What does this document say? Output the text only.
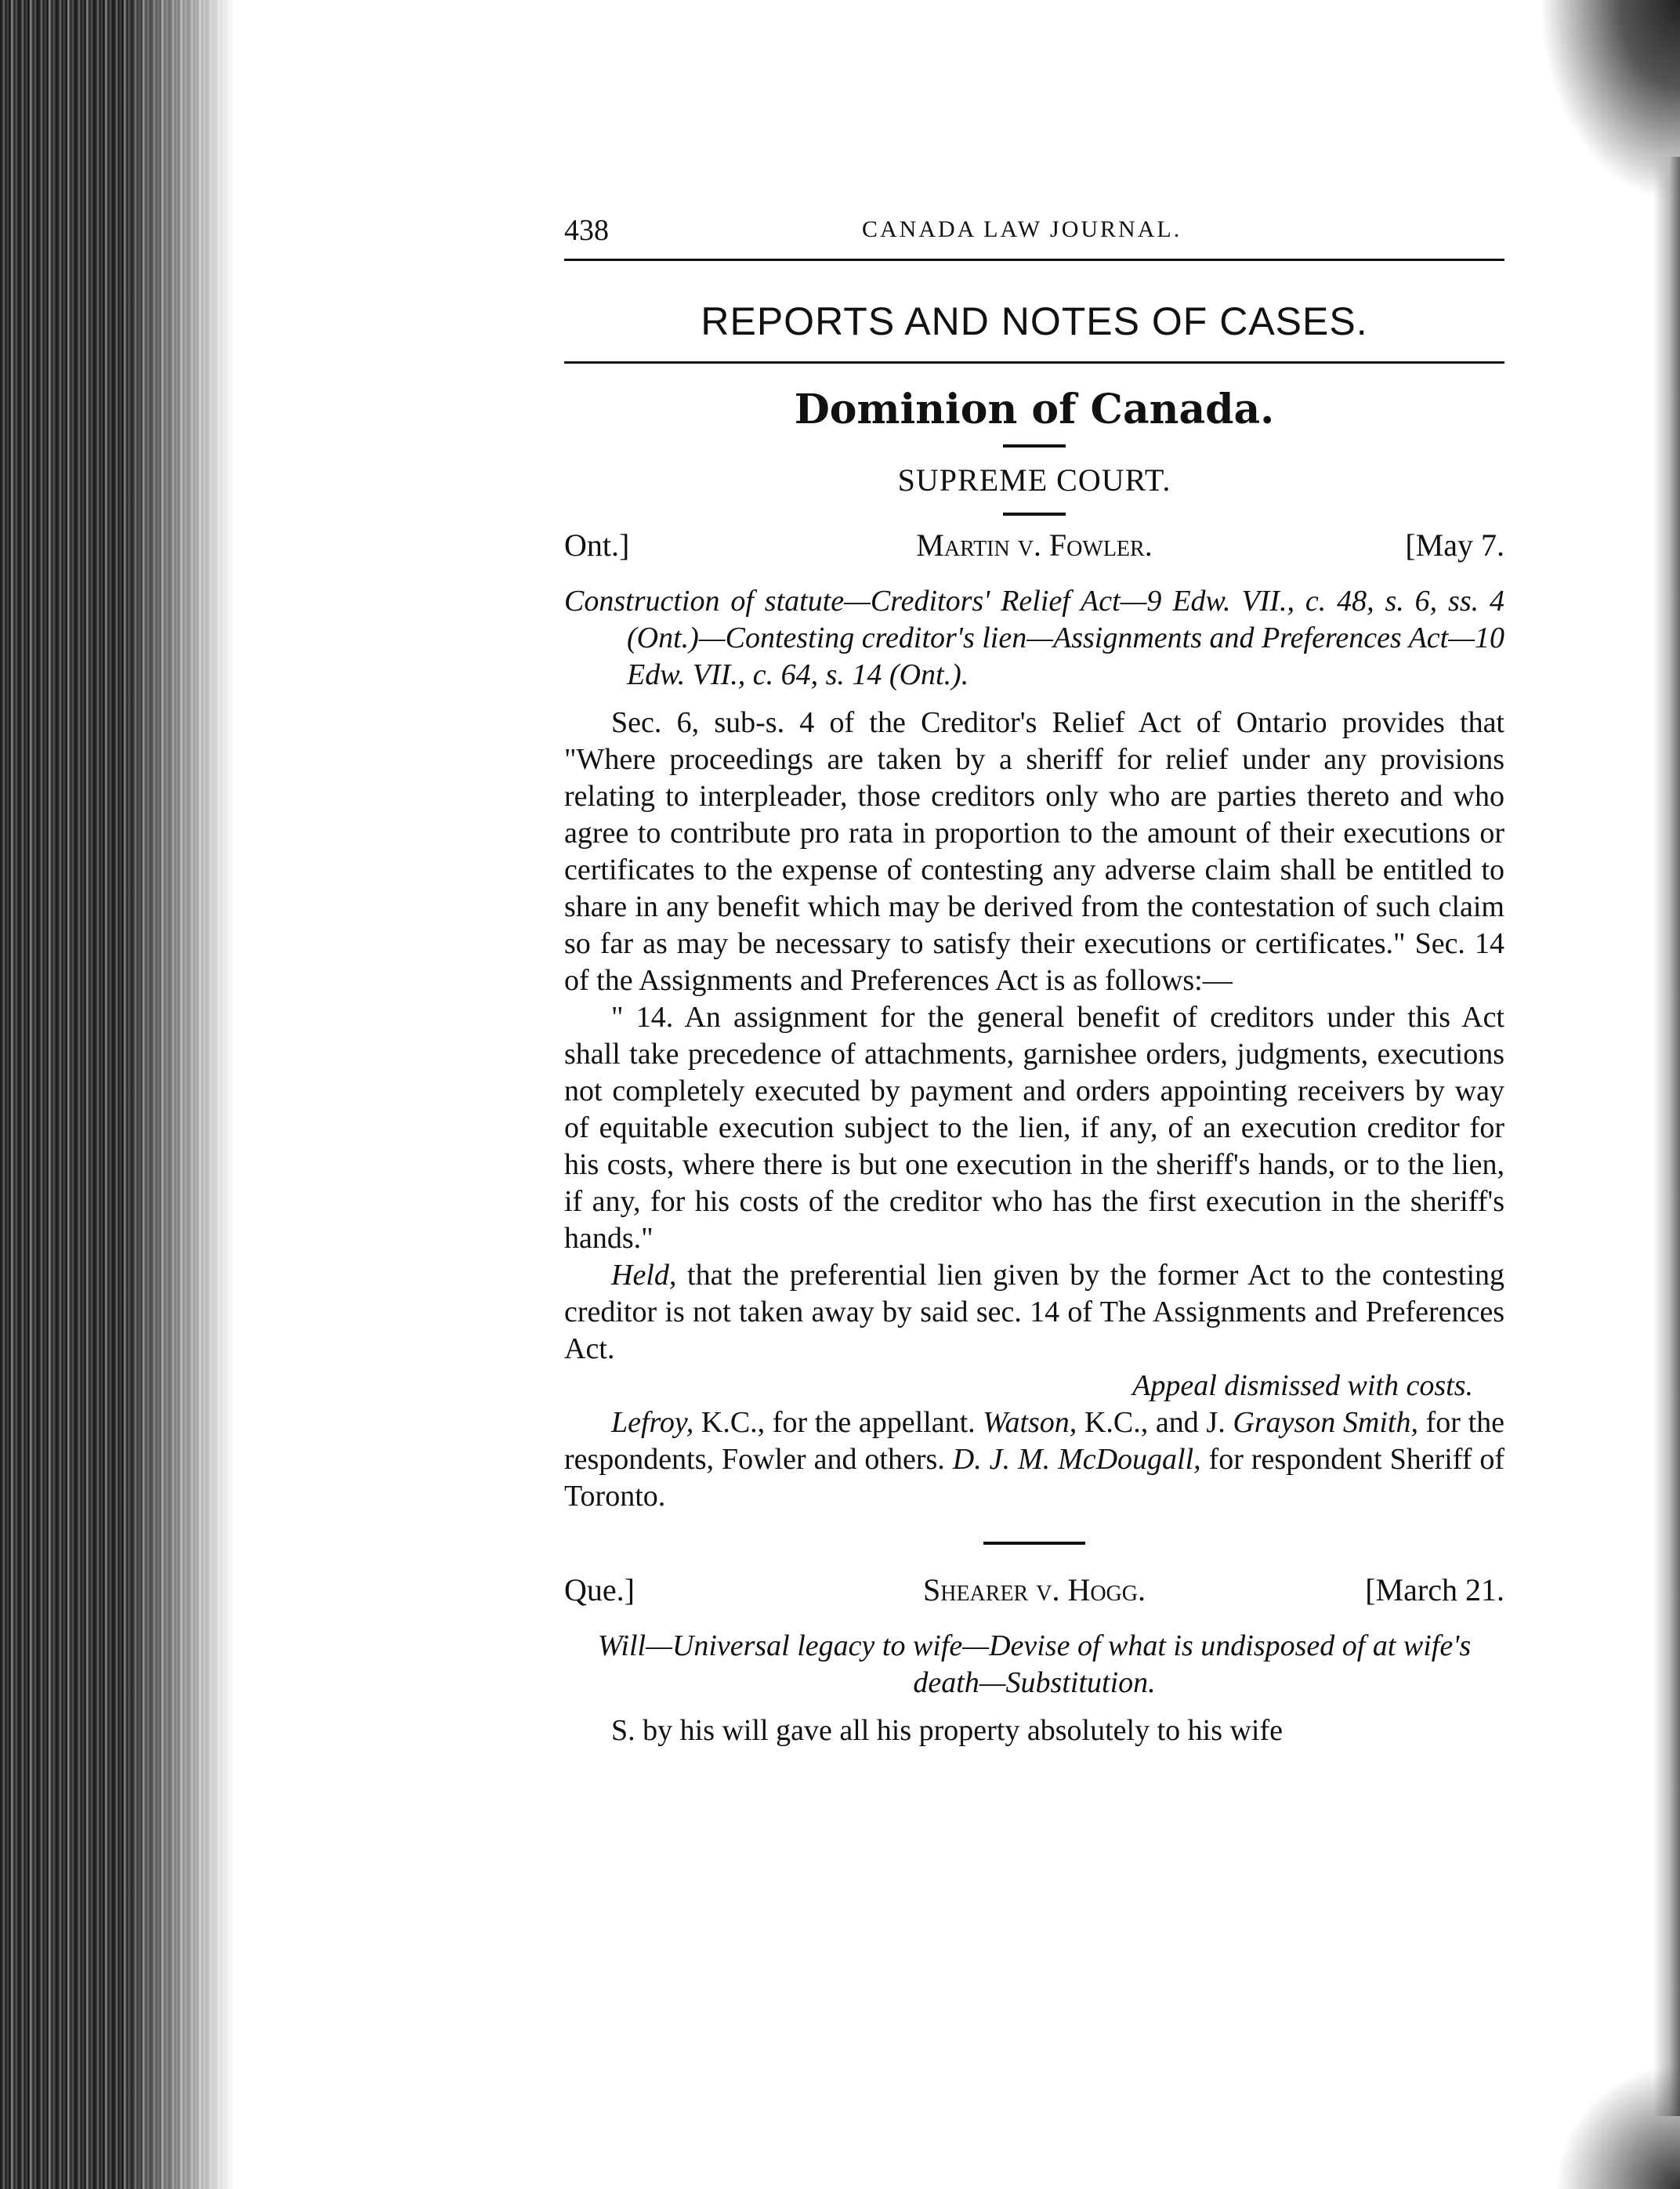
438	CANADA LAW JOURNAL.
REPORTS AND NOTES OF CASES.
Dominion of Canada.
SUPREME COURT.
Ont.]	Martin v. Fowler.	[May 7.

Construction of statute—Creditors' Relief Act—9 Edw. VII., c. 48, s. 6, ss. 4 (Ont.)—Contesting creditor's lien—Assignments and Preferences Act—10 Edw. VII., c. 64, s. 14 (Ont.).

Sec. 6, sub-s. 4 of the Creditor's Relief Act of Ontario provides that "Where proceedings are taken by a sheriff for relief under any provisions relating to interpleader, those creditors only who are parties thereto and who agree to contribute pro rata in proportion to the amount of their executions or certificates to the expense of contesting any adverse claim shall be entitled to share in any benefit which may be derived from the contestation of such claim so far as may be necessary to satisfy their executions or certificates." Sec. 14 of the Assignments and Preferences Act is as follows:—

" 14. An assignment for the general benefit of creditors under this Act shall take precedence of attachments, garnishee orders, judgments, executions not completely executed by payment and orders appointing receivers by way of equitable execution subject to the lien, if any, of an execution creditor for his costs, where there is but one execution in the sheriff's hands, or to the lien, if any, for his costs of the creditor who has the first execution in the sheriff's hands."

Held, that the preferential lien given by the former Act to the contesting creditor is not taken away by said sec. 14 of The Assignments and Preferences Act.

Appeal dismissed with costs.

Lefroy, K.C., for the appellant. Watson, K.C., and J. Grayson Smith, for the respondents, Fowler and others. D. J. M. McDougall, for respondent Sheriff of Toronto.

Que.]	Shearer v. Hogg.	[March 21.

Will—Universal legacy to wife—Devise of what is undisposed of at wife's death—Substitution.

S. by his will gave all his property absolutely to his wife
